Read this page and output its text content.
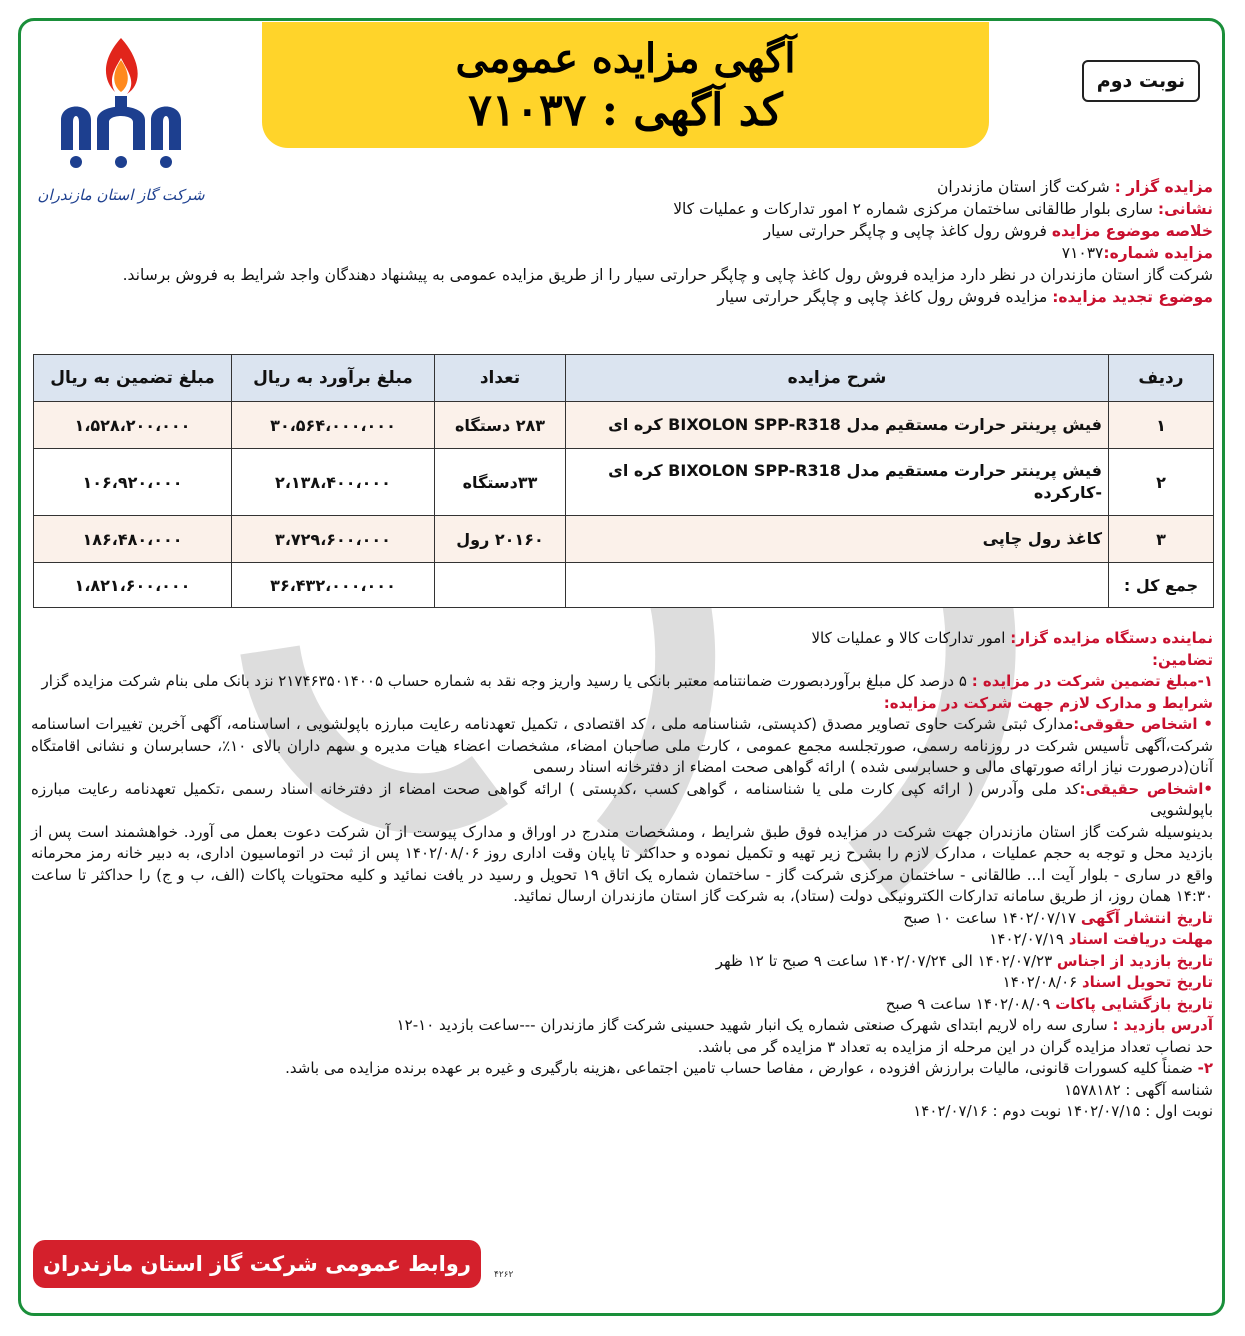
آگهی مزایده عمومی
کد آگهی : ۷۱۰۳۷
نوبت دوم
شرکت گاز استان مازندران	مزایده گزار : شرکت گاز استان مازندران

نشانی: ساری بلوار طالقانی ساختمان مرکزی شماره ۲ امور تدارکات و عملیات کالا

خلاصه موضوع مزایده فروش رول کاغذ چاپی و چاپگر حرارتی سیار

مزایده شماره:۷۱۰۳۷

شرکت گاز استان مازندران در نظر دارد مزایده فروش رول کاغذ چاپی و چاپگر حرارتی سیار را از طریق مزایده عمومی به پیشنهاد دهندگان واجد شرایط به فروش برساند.

موضوع تجدید مزایده: مزایده فروش رول کاغذ چاپی و چاپگر حرارتی سیار

ردیف	شرح مزایده	تعداد	مبلغ برآورد به ریال	مبلغ تضمین به ریال
۱	فیش پرینتر حرارت مستقیم مدل BIXOLON SPP-R318 کره ای	۲۸۳ دستگاه	۳۰،۵۶۴،۰۰۰،۰۰۰	۱،۵۲۸،۲۰۰،۰۰۰
۲	فیش پرینتر حرارت مستقیم مدل BIXOLON SPP-R318 کره ای
-کارکرده	۳۳دستگاه	۲،۱۳۸،۴۰۰،۰۰۰	۱۰۶،۹۲۰،۰۰۰
۳	کاغذ رول چاپی	۲۰۱۶۰ رول	۳،۷۲۹،۶۰۰،۰۰۰	۱۸۶،۴۸۰،۰۰۰
جمع کل :			۳۶،۴۳۲،۰۰۰،۰۰۰	۱،۸۲۱،۶۰۰،۰۰۰

نماینده دستگاه مزایده گزار: امور تدارکات کالا و عملیات کالا

تضامین:

۱-مبلغ تضمین شرکت در مزایده : ۵ درصد کل مبلغ برآوردبصورت ضمانتنامه معتبر بانکی یا رسید واریز وجه نقد به شماره حساب ۲۱۷۴۶۳۵۰۱۴۰۰۵ نزد بانک ملی بنام شرکت مزایده گزار

شرایط و مدارک لازم جهت شرکت در مزایده:

• اشخاص حقوقی:مدارک ثبتی شرکت حاوی تصاویر مصدق (کدپستی، شناسنامه ملی ، کد اقتصادی ، تکمیل تعهدنامه رعایت مبارزه باپولشویی ، اساسنامه، آگهی آخرین تغییرات اساسنامه شرکت،آگهی تأسیس شرکت در روزنامه رسمی، صورتجلسه مجمع عمومی ، کارت ملی صاحبان امضاء، مشخصات اعضاء هیات مدیره و سهم داران بالای ۱۰٪، حسابرسان و نشانی اقامتگاه آنان(درصورت نیاز ارائه صورتهای مالی و حسابرسی شده ) ارائه گواهی صحت امضاء از دفترخانه اسناد رسمی

•اشخاص حقیقی:کد ملی وآدرس ( ارائه کپی کارت ملی یا شناسنامه ، گواهی کسب ،کدپستی ) ارائه گواهی صحت امضاء از دفترخانه اسناد رسمی ،تکمیل تعهدنامه رعایت مبارزه باپولشویی

بدینوسیله شرکت گاز استان مازندران جهت شرکت در مزایده فوق طبق شرایط ، ومشخصات مندرج در اوراق و مدارک پیوست از آن شرکت دعوت بعمل می آورد. خواهشمند است پس از بازدید محل و توجه به حجم عملیات ، مدارک لازم را بشرح زیر تهیه و تکمیل نموده و حداکثر تا پایان وقت اداری روز ۱۴۰۲/۰۸/۰۶ پس از ثبت در اتوماسیون اداری، به دبیر خانه رمز محرمانه واقع در ساری - بلوار آیت ا... طالقانی - ساختمان مرکزی شرکت گاز - ساختمان شماره یک اتاق ۱۹ تحویل و رسید در یافت نمائید و کلیه محتویات پاکات (الف، ب و ج) را حداکثر تا ساعت ۱۴:۳۰ همان روز، از طریق سامانه تدارکات الکترونیکی دولت (ستاد)، به شرکت گاز استان مازندران ارسال نمائید.

تاریخ انتشار آگهی ۱۴۰۲/۰۷/۱۷ ساعت ۱۰ صبح

مهلت دریافت اسناد ۱۴۰۲/۰۷/۱۹

تاریخ بازدید از اجناس ۱۴۰۲/۰۷/۲۳ الی ۱۴۰۲/۰۷/۲۴ ساعت ۹ صبح تا ۱۲ ظهر

تاریخ تحویل اسناد ۱۴۰۲/۰۸/۰۶

تاریخ بازگشایی پاکات ۱۴۰۲/۰۸/۰۹ ساعت ۹ صبح

آدرس بازدید : ساری سه راه لاریم ابتدای شهرک صنعتی شماره یک انبار شهید حسینی شرکت گاز مازندران ---ساعت بازدید ۱۰-۱۲

حد نصاب تعداد مزایده گران در این مرحله از مزایده به تعداد ۳ مزایده گر می باشد.

۲- ضمناً کلیه کسورات قانونی، مالیات برارزش افزوده ، عوارض ، مفاصا حساب تامین اجتماعی ،هزینه بارگیری و غیره بر عهده برنده مزایده می باشد.

شناسه آگهی : ۱۵۷۸۱۸۲

نوبت اول : ۱۴۰۲/۰۷/۱۵ نوبت دوم : ۱۴۰۲/۰۷/۱۶

روابط عمومی شرکت گاز استان مازندران	۴۲۶۲
